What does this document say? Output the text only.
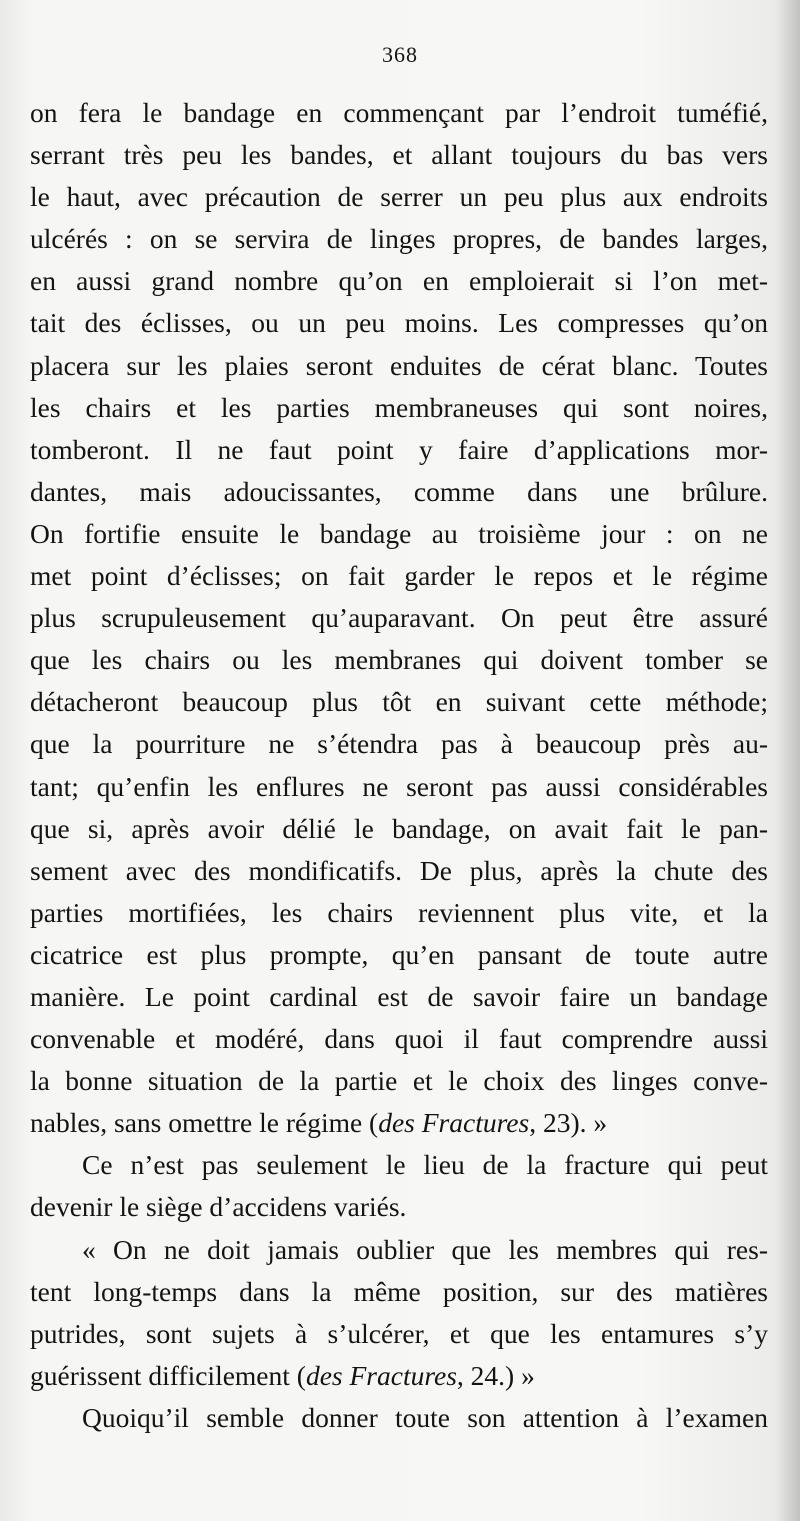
368
on fera le bandage en commençant par l’endroit tuméfié,
serrant très peu les bandes, et allant toujours du bas vers
le haut, avec précaution de serrer un peu plus aux endroits
ulcérés : on se servira de linges propres, de bandes larges,
en aussi grand nombre qu’on en emploierait si l’on met-
tait des éclisses, ou un peu moins. Les compresses qu’on
placera sur les plaies seront enduites de cérat blanc. Toutes
les chairs et les parties membraneuses qui sont noires,
tomberont. Il ne faut point y faire d’applications mor-
dantes, mais adoucissantes, comme dans une brûlure.
On fortifie ensuite le bandage au troisième jour : on ne
met point d’éclisses; on fait garder le repos et le régime
plus scrupuleusement qu’auparavant. On peut être assuré
que les chairs ou les membranes qui doivent tomber se
détacheront beaucoup plus tôt en suivant cette méthode;
que la pourriture ne s’étendra pas à beaucoup près au-
tant; qu’enfin les enflures ne seront pas aussi considérables
que si, après avoir délié le bandage, on avait fait le pan-
sement avec des mondificatifs. De plus, après la chute des
parties mortifiées, les chairs reviennent plus vite, et la
cicatrice est plus prompte, qu’en pansant de toute autre
manière. Le point cardinal est de savoir faire un bandage
convenable et modéré, dans quoi il faut comprendre aussi
la bonne situation de la partie et le choix des linges conve-
nables, sans omettre le régime (des Fractures, 23). »
Ce n’est pas seulement le lieu de la fracture qui peut
devenir le siège d’accidens variés.
« On ne doit jamais oublier que les membres qui res-
tent long-temps dans la même position, sur des matières
putrides, sont sujets à s’ulcérer, et que les entamures s’y
guérissent difficilement (des Fractures, 24.) »
Quoiqu’il semble donner toute son attention à l’examen
